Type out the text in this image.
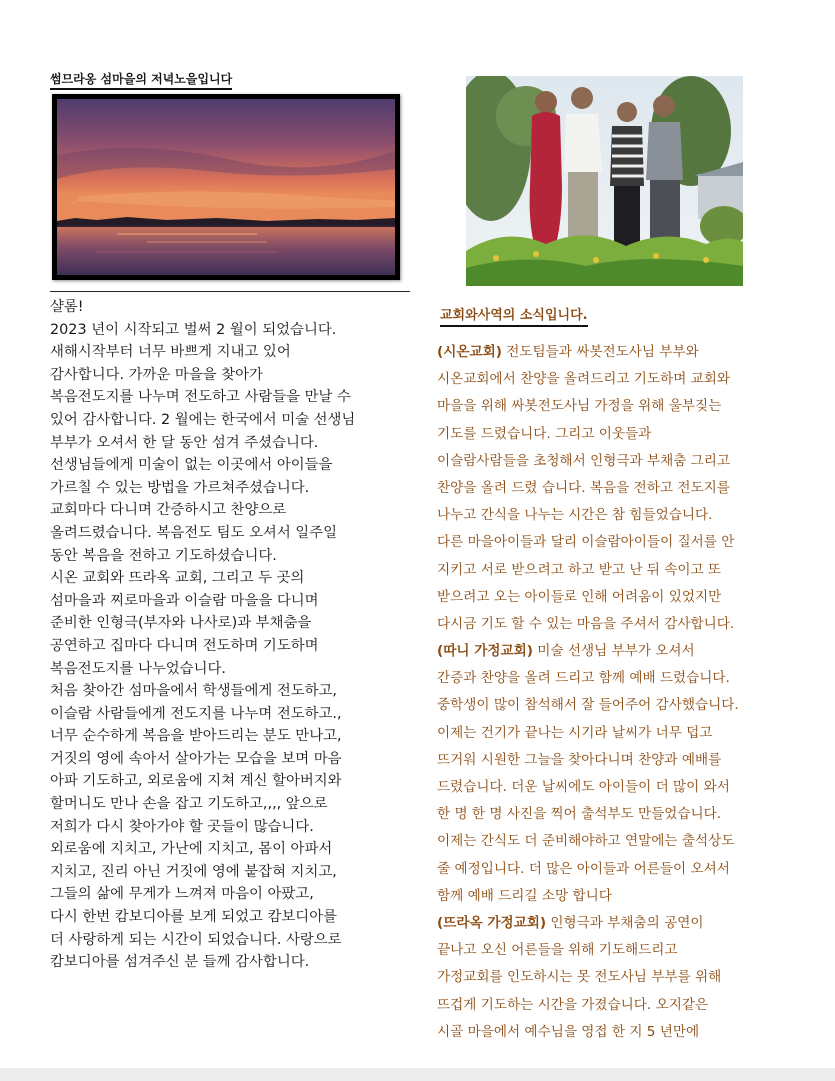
썸므라옹 섬마을의 저녁노을입니다
교회와사역의 소식입니다.
샬롬!
2023 년이 시작되고 벌써 2 월이 되었습니다.
새해시작부터 너무 바쁘게 지내고 있어
감사합니다. 가까운 마을을 찾아가
복음전도지를 나누며 전도하고 사람들을 만날 수
있어 감사합니다. 2 월에는 한국에서 미술 선생님
부부가 오셔서 한 달 동안 섬겨 주셨습니다.
선생님들에게 미술이 없는 이곳에서 아이들을
가르칠 수 있는 방법을 가르쳐주셨습니다.
교회마다 다니며 간증하시고 찬양으로
올려드렸습니다. 복음전도 팀도 오셔서 일주일
동안 복음을 전하고 기도하셨습니다.
시온 교회와 뜨라옥 교회, 그리고 두 곳의
섬마을과 찌로마을과 이슬람 마을을 다니며
준비한 인형극(부자와 나사로)과 부채춤을
공연하고 집마다 다니며 전도하며 기도하며
복음전도지를 나누었습니다.
처음 찾아간 섬마을에서 학생들에게 전도하고,
이슬람 사람들에게 전도지를 나누며 전도하고.,
너무 순수하게 복음을 받아드리는 분도 만나고,
거짓의 영에 속아서 살아가는 모습을 보며 마음
아파 기도하고, 외로움에 지쳐 계신 할아버지와
할머니도 만나 손을 잡고 기도하고,,,, 앞으로
저희가 다시 찾아가야 할 곳들이 많습니다.
외로움에 지치고, 가난에 지치고, 몸이 아파서
지치고, 진리 아닌 거짓에 영에 붙잡혀 지치고,
그들의 삶에 무게가 느껴져 마음이 아팠고,
다시 한번 캄보디아를 보게 되었고 캄보디아를
더 사랑하게 되는 시간이 되었습니다. 사랑으로
캄보디아를 섬겨주신 분 들께 감사합니다.
(시온교회) 전도팀들과 싸봇전도사님 부부와
시온교회에서 찬양을 올려드리고 기도하며 교회와
마을을 위해 싸봇전도사님 가정을 위해 울부짖는
기도를 드렸습니다. 그리고 이웃들과
이슬람사람들을 초청해서 인형극과 부채춤 그리고
찬양을 올려 드렸 습니다. 복음을 전하고 전도지를
나누고 간식을 나누는 시간은 참 힘들었습니다.
다른 마을아이들과 달리 이슬람아이들이 질서를 안
지키고 서로 받으려고 하고 받고 난 뒤 속이고 또
받으려고 오는 아이들로 인해 어려움이 있었지만
다시금 기도 할 수 있는 마음을 주셔서 감사합니다.
(따니 가정교회) 미술 선생님 부부가 오셔서
간증과 찬양을 올려 드리고 함께 예배 드렸습니다.
중학생이 많이 참석해서 잘 들어주어 감사했습니다.
이제는 건기가 끝나는 시기라 날씨가 너무 덥고
뜨거워 시원한 그늘을 찾아다니며 찬양과 예배를
드렸습니다. 더운 날씨에도 아이들이 더 많이 와서
한 명 한 명 사진을 찍어 출석부도 만들었습니다.
이제는 간식도 더 준비해야하고 연말에는 출석상도
줄 예정입니다. 더 많은 아이들과 어른들이 오셔서
함께 예배 드리길 소망 합니다
(뜨라옥 가정교회) 인형극과 부채춤의 공연이
끝나고 오신 어른들을 위해 기도해드리고
가정교회를 인도하시는 못 전도사님 부부를 위해
뜨겁게 기도하는 시간을 가졌습니다. 오지같은
시골 마을에서 예수님을 영접 한 지 5 년만에
